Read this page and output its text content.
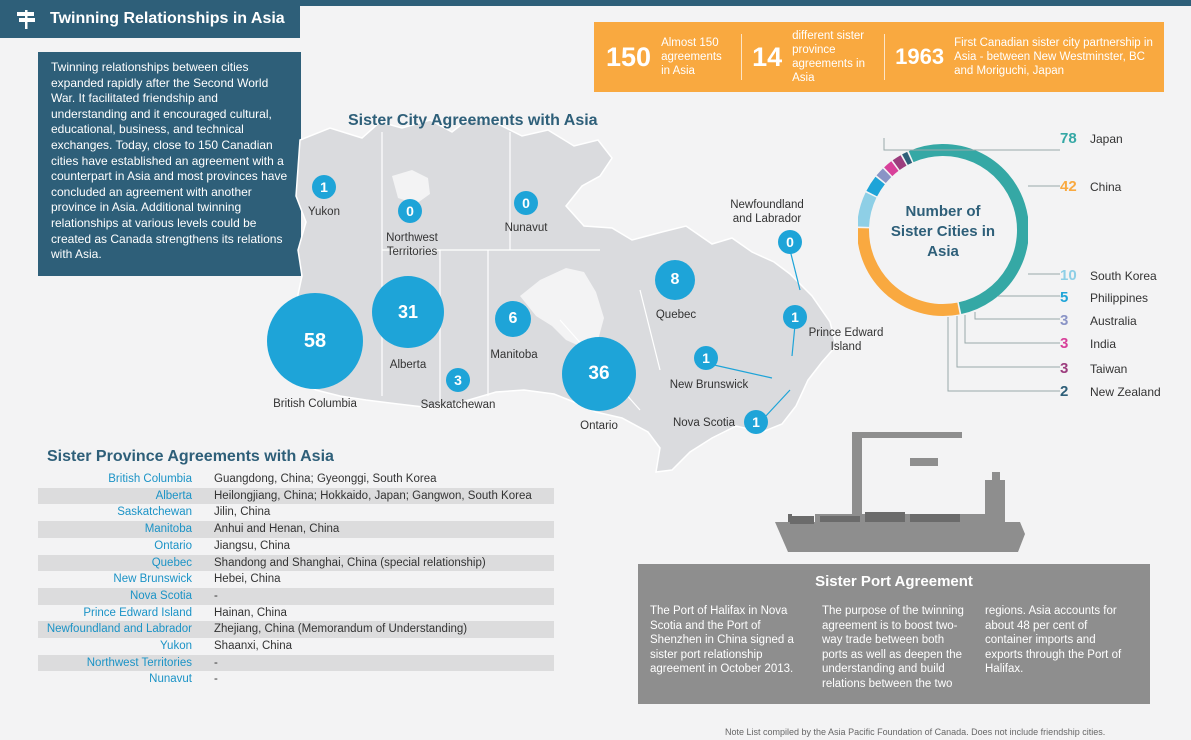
Twinning Relationships in Asia
Twinning relationships between cities expanded rapidly after the Second World War. It facilitated friendship and understanding and it encouraged cultural, educational, business, and technical exchanges. Today, close to 150 Canadian cities have established an agreement with a counterpart in Asia and most provinces have concluded an agreement with another province in Asia. Additional twinning relationships at various levels could be created as Canada strengthens its relations with Asia.
150 Almost 150 agreements in Asia	14
different sister province agreements in Asia
1963
First Canadian sister city partnership in Asia - between New Westminster, BC and Moriguchi, Japan
Sister City Agreements with Asia
1
Yukon	0
Northwest Territories
0
Nunavut
0
Newfoundland and Labrador
58
British Columbia
31
Alberta
3
Saskatchewan
6
Manitoba
36
Ontario
8
Quebec	1
Prince Edward Island
1
New Brunswick
1
Nova Scotia
Number of Sister Cities in Asia
78	Japan
42	China
10	South Korea
5	Philippines
3	Australia
3	India
3	Taiwan
2	New Zealand
Sister Province Agreements with Asia
British Columbia	Guangdong, China; Gyeonggi, South Korea
Alberta	Heilongjiang, China; Hokkaido, Japan; Gangwon, South Korea
Saskatchewan	Jilin, China
Manitoba	Anhui and Henan, China
Ontario	Jiangsu, China
Quebec	Shandong and Shanghai, China (special relationship)
New Brunswick	Hebei, China
Nova Scotia	-
Prince Edward Island	Hainan, China
Newfoundland and Labrador	Zhejiang, China (Memorandum of Understanding)
Yukon	Shaanxi, China
Northwest Territories	-
Nunavut	-
Sister Port Agreement
The Port of Halifax in Nova Scotia and the Port of Shenzhen in China signed a sister port relationship agreement in October 2013.
The purpose of the twinning agreement is to boost two-way trade between both ports as well as deepen the understanding and build relations between the two
regions. Asia accounts for about 48 per cent of container imports and exports through the Port of Halifax.
Note List compiled by the Asia Pacific Foundation of Canada. Does not include friendship cities.
